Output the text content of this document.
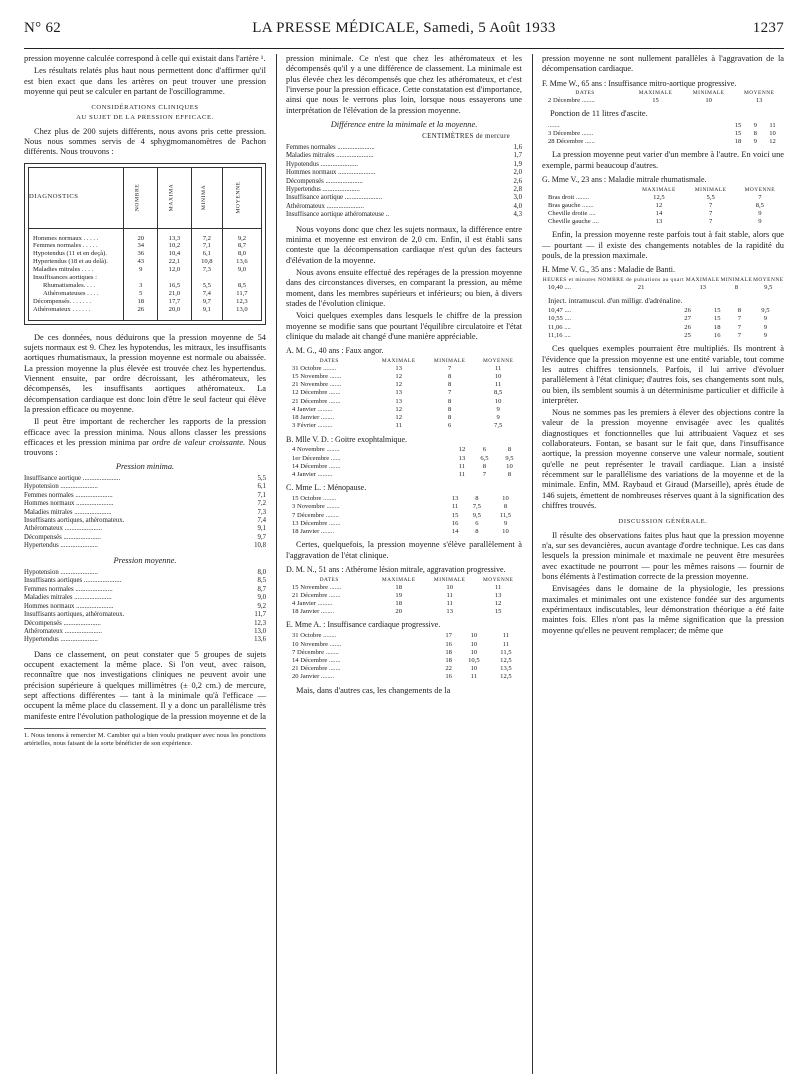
N° 62	LA PRESSE MÉDICALE, Samedi, 5 Août 1933	1237

pression moyenne calculée correspond à celle qui existait dans l'artère ¹.

Les résultats relatés plus haut nous permettent donc d'affirmer qu'il est bien exact que dans les artères on peut trouver une pression moyenne qui peut se calculer en partant de l'oscillogramme.

CONSIDÉRATIONS CLINIQUES
AU SUJET DE LA PRESSION EFFICACE.

Chez plus de 200 sujets différents, nous avons pris cette pression. Nous nous sommes servis de 4 sphygmomanomètres de Pachon différents. Nous trouvons :

DIAGNOSTICS	NOMBRE	MAXIMA	MINIMA	MOYENNE

Hommes normaux . . . . .	20	13,3	7,2	9,2
Femmes normales . . . . .	34	10,2	7,1	8,7
Hypotendus (11 et en deçà).	36	10,4	6,1	8,0
Hypertendus (18 et au delà).	43	22,1	10,8	13,6
Maladies mitrales . . . .	9	12,0	7,3	9,0
Insuffisances aortiques :				
Rhumatismales. . . .	3	16,5	5,5	8,5
Athéromateuses . . . .	5	21,0	7,4	11,7
Décompensés. . . . . . .	18	17,7	9,7	12,3
Athéromateux . . . . . .	26	20,0	9,1	13,0

De ces données, nous déduirons que la pression moyenne de 54 sujets normaux est 9. Chez les hypotendus, les mitraux, les insuffisants aortiques rhumatismaux, la pression moyenne est normale ou abaissée. La pression moyenne la plus élevée est trouvée chez les hypertendus. Viennent ensuite, par ordre décroissant, les athéromateux, les décompensés, les insuffisants aortiques athéromateux. La décompensation cardiaque est donc loin d'être le seul facteur qui élève la pression efficace ou moyenne.

Il peut être important de rechercher les rapports de la pression efficace avec la pression minima. Nous allons classer les pressions efficaces et les pression minima par ordre de valeur croissante. Nous trouvons :

Pression minima.
Insuffisance aortique ......................	5,5
Hypotension ......................	6,1
Femmes normales ......................	7,1
Hommes normaux ......................	7,2
Maladies mitrales ......................	7,3
Insuffisants aortiques, athéromateux.	7,4
Athéromateux ......................	9,1
Décompensés ......................	9,7
Hypertendus ......................	10,8
Pression moyenne.
Hypotension ......................	8,0
Insuffisants aortiques ......................	8,5
Femmes normales ......................	8,7
Maladies mitrales ......................	9,0
Hommes normaux ......................	9,2
Insuffisants aortiques, athéromateux.	11,7
Décompensés ......................	12,3
Athéromateux ......................	13,0
Hypertendus ......................	13,6

Dans ce classement, on peut constater que 5 groupes de sujets occupent exactement la même place. Si l'on veut, avec raison, reconnaître que nos investigations cliniques ne peuvent avoir une précision supérieure à quelques millimètres (± 0,2 cm.) de mercure, sept affections différentes — tant à la minimale qu'à l'efficace — occupent la même place du classement. Il y a donc un parallélisme très manifeste entre l'évolution pathologique de la pression moyenne et de la

1. Nous tenons à remercier M. Cambier qui a bien voulu pratiquer avec nous les ponctions artérielles, nous faisant de la sorte bénéficier de son expérience.

pression minimale. Ce n'est que chez les athéromateux et les décompensés qu'il y a une différence de classement. La minimale est plus élevée chez les décompensés que chez les athéromateux, et c'est l'inverse pour la pression efficace. Cette constatation est d'importance, ainsi que nous le verrons plus loin, lorsque nous essayerons une interprétation de l'élévation de la pression moyenne.

Différence entre la minimale et la moyenne.
CENTIMÈTRES de mercure
Femmes normales ......................	1,6
Maladies mitrales ......................	1,7
Hypotendus ......................	1,9
Hommes normaux ......................	2,0
Décompensés ......................	2,6
Hypertendus ......................	2,8
Insuffisance aortique ......................	3,0
Athéromateux ......................	4,0
Insuffisance aortique athéromateuse ..	4,3

Nous voyons donc que chez les sujets normaux, la différence entre minima et moyenne est environ de 2,0 cm. Enfin, il est établi sans conteste que la décompensation cardiaque n'est qu'un des facteurs d'élévation de la moyenne.

Nous avons ensuite effectué des repérages de la pression moyenne dans des circonstances diverses, en comparant la pression, au même moment, dans les membres supérieurs et inférieurs; ou bien, à divers stades de l'évolution clinique.

Voici quelques exemples dans lesquels le chiffre de la pression moyenne se modifie sans que pourtant l'équilibre circulatoire et l'état clinique du malade ait changé d'une manière appréciable.

A. M. G., 40 ans : Faux angor.
DATES	MAXIMALE	MINIMALE	MOYENNE
31 Octobre ........	13	7	11
15 Novembre .......	12	8	10
21 Novembre .......	12	8	11
12 Décembre .......	13	7	8,5
21 Décembre .......	13	8	10
4 Janvier .........	12	8	9
18 Janvier ........	12	8	9
3 Février .........	11	6	7,5
B. Mlle V. D. : Goitre exophtalmique.
4 Novembre ........	12	6	8
1er Décembre ......	13	6,5	9,5
14 Décembre .......	11	8	10
4 Janvier .........	11	7	8
C. Mme L. : Ménopause.
15 Octobre ........	13	8	10
3 Novembre ........	11	7,5	8
7 Décembre ........	15	9,5	11,5
13 Décembre .......	16	6	9
18 Janvier ........	14	8	10

Certes, quelquefois, la pression moyenne s'élève parallèlement à l'aggravation de l'état clinique.

D. M. N., 51 ans : Athérome lésion mitrale, aggravation progressive.
DATES	MAXIMALE	MINIMALE	MOYENNE
15 Novembre .......	18	10	11
21 Décembre .......	19	11	13
4 Janvier .........	18	11	12
18 Janvier ........	20	13	15
E. Mme A. : Insuffisance cardiaque progressive.
31 Octobre ........	17	10	11
10 Novembre .......	16	10	11
7 Décembre ........	18	10	11,5
14 Décembre .......	18	10,5	12,5
21 Décembre .......	22	10	13,5
20 Janvier ........	16	11	12,5

Mais, dans d'autres cas, les changements de la

pression moyenne ne sont nullement parallèles à l'aggravation de la décompensation cardiaque.

F. Mme W., 65 ans : Insuffisance mitro-aortique progressive.
DATES	MAXIMALE	MINIMALE	MOYENNE
2 Décembre ........	15	10	13

Ponction de 11 litres d'ascite.

.......	15	9	11
3 Décembre .......	15	8	10
28 Décembre ......	18	9	12

La pression moyenne peut varier d'un membre à l'autre. En voici une exemple, parmi beaucoup d'autres.

G. Mme V., 23 ans : Maladie mitrale rhumatismale.
	MAXIMALE	MINIMALE	MOYENNE
Bras droit ........	12,5	5,5	7
Bras gauche .......	12	7	8,5
Cheville droite ....	14	7	9
Cheville gauche ....	13	7	9

Enfin, la pression moyenne reste parfois tout à fait stable, alors que — pourtant — il existe des changements notables de la rapidité du pouls, de la pression maximale.

H. Mme V. G., 35 ans : Maladie de Banti.
HEURES et minutes	NOMBRE de pulsations au quart	MAXIMALE	MINIMALE	MOYENNE
10,40 ....	21	13	8	9,5

Inject. intramuscul. d'un milligr. d'adrénaline.

10,47 ....	26	15	8	9,5
10,55 ....	27	15	7	9
11,06 ....	26	18	7	9
11,16 ....	25	16	7	9

Ces quelques exemples pourraient être multipliés. Ils montrent à l'évidence que la pression moyenne est une entité variable, tout comme les autres chiffres tensionnels. Parfois, il lui arrive d'évoluer parallèlement à l'état clinique; d'autres fois, ses changements sont nuls, ou bien, ils semblent soumis à un déterminisme particulier et difficile à interpréter.

Nous ne sommes pas les premiers à élever des objections contre la valeur de la pression moyenne envisagée avec les qualités diagnostiques et fonctionnelles que lui attribuaient Vaquez et ses collaborateurs. Fontan, se basant sur le fait que, dans l'insuffisance aortique, la pression moyenne conserve une valeur normale, soutient qu'elle ne peut représenter le travail cardiaque. Lian a insisté récemment sur le parallélisme des variations de la moyenne et de la minimale. Enfin, MM. Raybaud et Giraud (Marseille), après étude de 146 sujets, émettent de nombreuses réserves quant à la signification des chiffres trouvés.

DISCUSSION GÉNÉRALE.

Il résulte des observations faites plus haut que la pression moyenne n'a, sur ses devancières, aucun avantage d'ordre technique. Les cas dans lesquels la pression minimale et maximale ne peuvent être mesurées avec exactitude ne pourront — pour les mêmes raisons — fournir de bons éléments à l'estimation correcte de la pression moyenne.

Envisagées dans le domaine de la physiologie, les pressions maximales et minimales ont une existence fondée sur des arguments expérimentaux indiscutables, leur démonstration théorique a été faite maintes fois. Elles n'ont pas la même signification que la pression moyenne qu'elles ne peuvent remplacer; de même que
